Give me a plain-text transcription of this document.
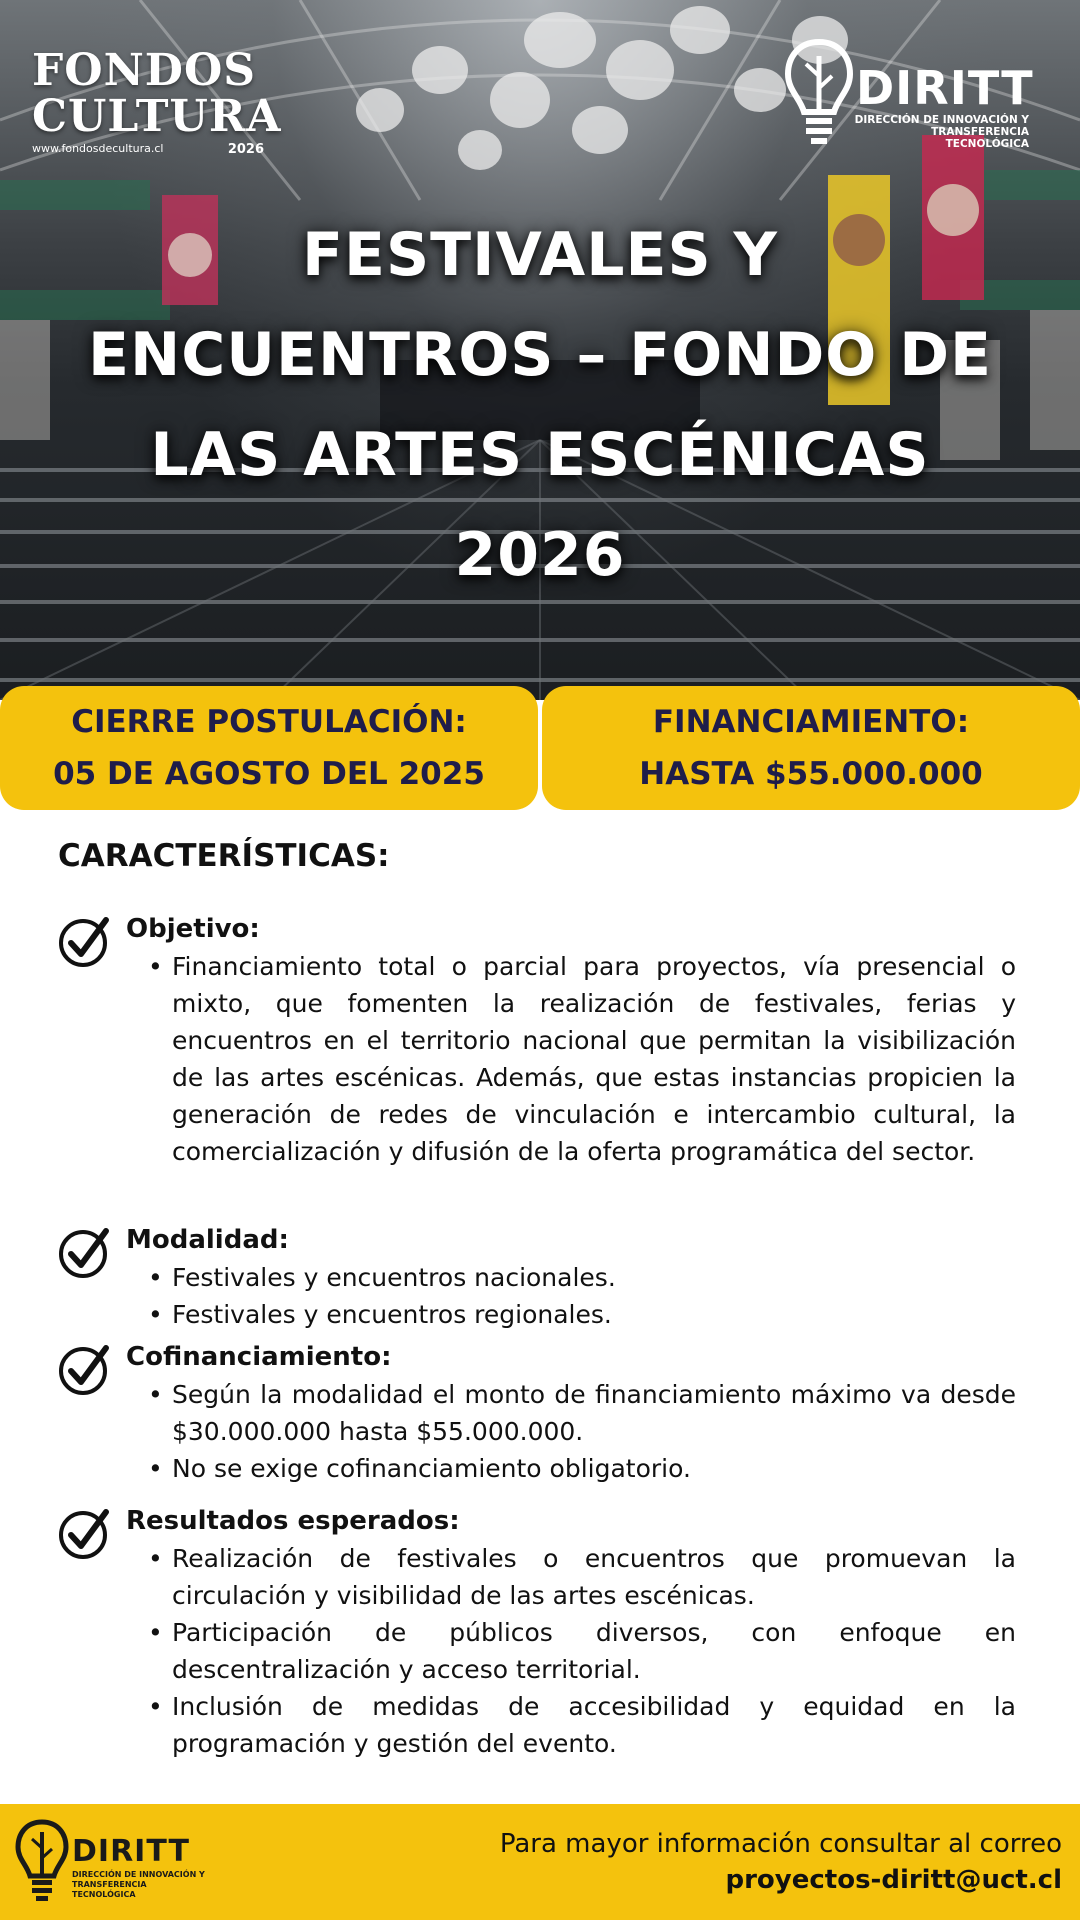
FONDOS
CULTURA
www.fondosdecultura.cl	2026
DIRITT
DIRECCIÓN DE INNOVACIÓN Y
TRANSFERENCIA TECNOLÓGICA
FESTIVALES Y
ENCUENTROS – FONDO DE
LAS ARTES ESCÉNICAS
2026
CIERRE POSTULACIÓN:
05 DE AGOSTO DEL 2025
FINANCIAMIENTO:
HASTA $55.000.000
CARACTERÍSTICAS:
Objetivo:
• Financiamiento total o parcial para proyectos, vía presencial o mixto, que fomenten la realización de festivales, ferias y encuentros en el territorio nacional que permitan la visibilización de las artes escénicas. Además, que estas instancias propicien la generación de redes de vinculación e intercambio cultural, la comercialización y difusión de la oferta programática del sector.
Modalidad:
• Festivales y encuentros nacionales.
• Festivales y encuentros regionales.
Cofinanciamiento:
• Según la modalidad el monto de financiamiento máximo va desde $30.000.000 hasta $55.000.000.
• No se exige cofinanciamiento obligatorio.
Resultados esperados:
• Realización de festivales o encuentros que promuevan la circulación y visibilidad de las artes escénicas.
• Participación de públicos diversos, con enfoque en descentralización y acceso territorial.
• Inclusión de medidas de accesibilidad y equidad en la programación y gestión del evento.
DIRITT
DIRECCIÓN DE INNOVACIÓN Y
TRANSFERENCIA TECNOLÓGICA
Para mayor información consultar al correo
proyectos-diritt@uct.cl
